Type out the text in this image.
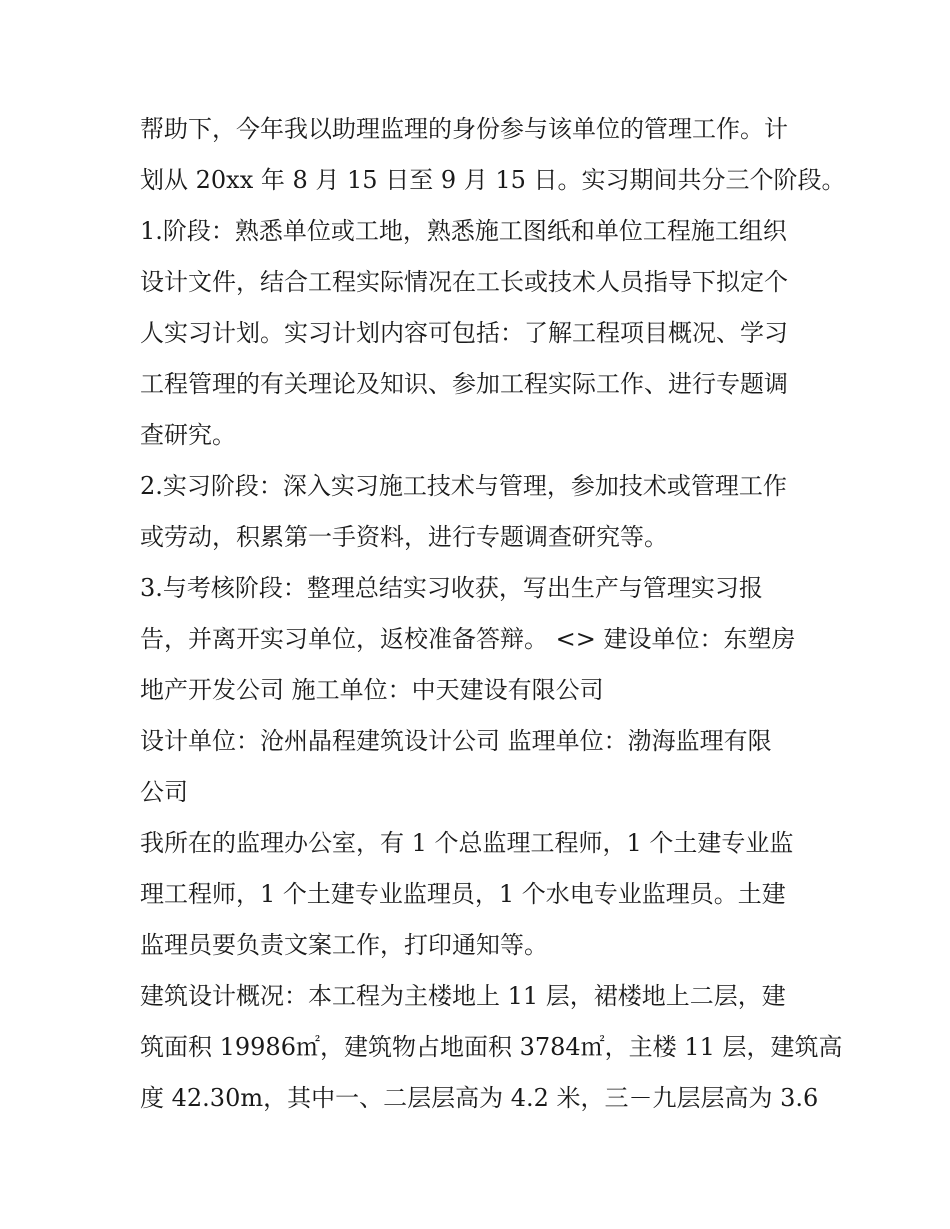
帮助下，今年我以助理监理的身份参与该单位的管理工作。计
划从 20xx 年 8 月 15 日至 9 月 15 日。实习期间共分三个阶段。
1.阶段：熟悉单位或工地，熟悉施工图纸和单位工程施工组织
设计文件，结合工程实际情况在工长或技术人员指导下拟定个
人实习计划。实习计划内容可包括：了解工程项目概况、学习
工程管理的有关理论及知识、参加工程实际工作、进行专题调
查研究。
2.实习阶段：深入实习施工技术与管理，参加技术或管理工作
或劳动，积累第一手资料，进行专题调查研究等。
3.与考核阶段：整理总结实习收获，写出生产与管理实习报
告，并离开实习单位，返校准备答辩。 <> 建设单位：东塑房
地产开发公司 施工单位：中天建设有限公司
设计单位：沧州晶程建筑设计公司 监理单位：渤海监理有限
公司
我所在的监理办公室，有 1 个总监理工程师，1 个土建专业监
理工程师，1 个土建专业监理员，1 个水电专业监理员。土建
监理员要负责文案工作，打印通知等。
建筑设计概况：本工程为主楼地上 11 层，裙楼地上二层，建
筑面积 19986㎡，建筑物占地面积 3784㎡，主楼 11 层，建筑高
度 42.30m，其中一、二层层高为 4.2 米，三－九层层高为 3.6
